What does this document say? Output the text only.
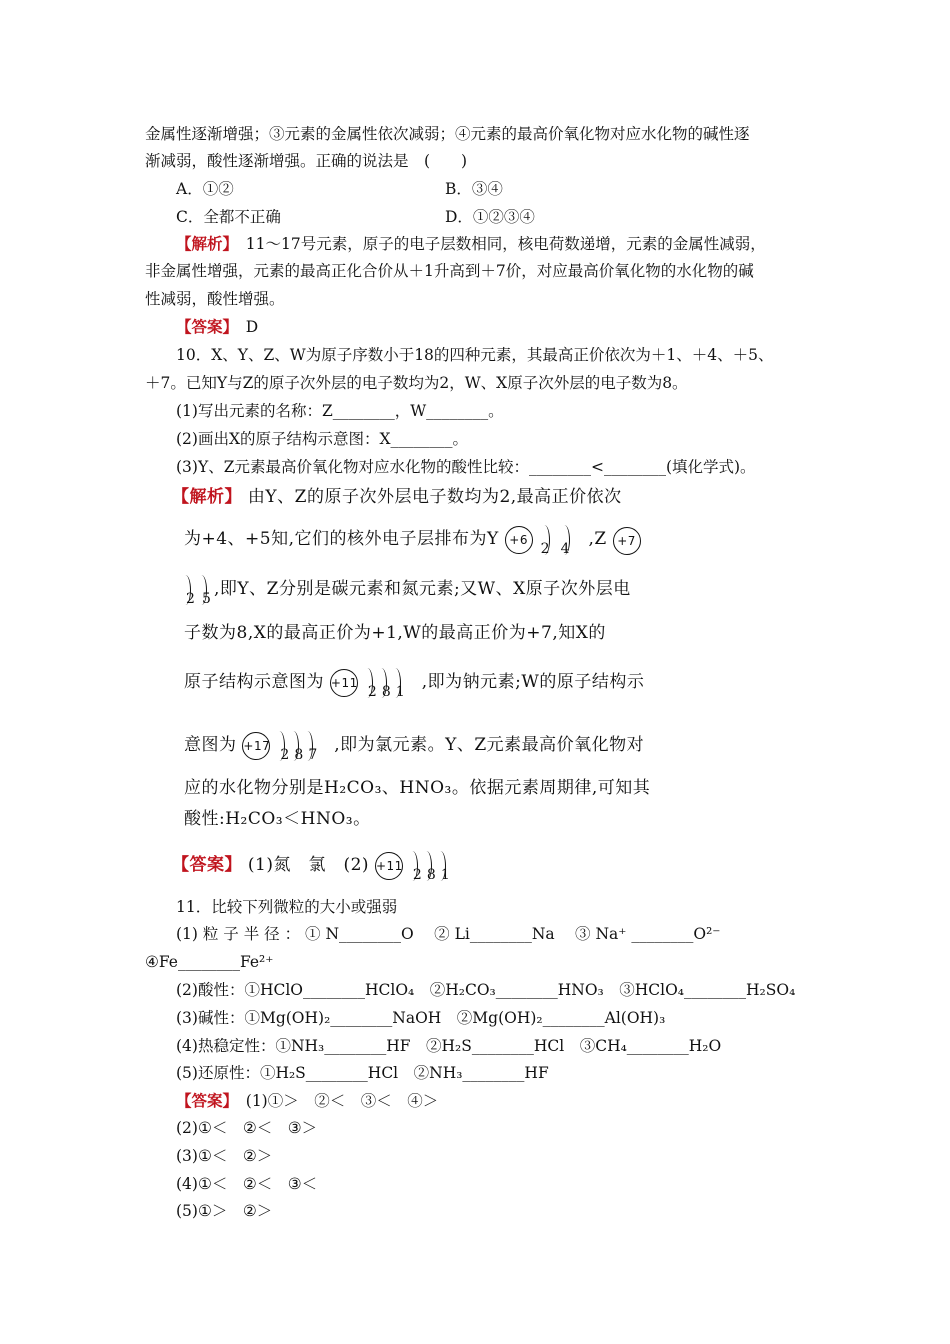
金属性逐渐增强；③元素的金属性依次减弱；④元素的最高价氧化物对应水化物的碱性逐
渐减弱，酸性逐渐增强。正确的说法是　(　　)
A．①②	B．③④
C．全都不正确	D．①②③④
【解析】　11～17号元素，原子的电子层数相同，核电荷数递增，元素的金属性减弱，
非金属性增强，元素的最高正化合价从＋1升高到＋7价，对应最高价氧化物的水化物的碱
性减弱，酸性增强。
【答案】　D
10．X、Y、Z、W为原子序数小于18的四种元素，其最高正价依次为＋1、＋4、＋5、
＋7。已知Y与Z的原子次外层的电子数均为2，W、X原子次外层的电子数为8。
(1)写出元素的名称：Z________，W________。
(2)画出X的原子结构示意图：X________。
(3)Y、Z元素最高价氧化物对应水化物的酸性比较：________<________(填化学式)。
【解析】 由Y、Z的原子次外层电子数均为2,最高正价依次
为+4、+5知,它们的核外电子层排布为Y +6
2 4 ,Z +7
2 5 ,即Y、Z分别是碳元素和氮元素;又W、X原子次外层电
子数为8,X的最高正价为+1,W的最高正价为+7,知X的
原子结构示意图为 +11
2 8 1 ,即为钠元素;W的原子结构示
意图为 +17
2 8 7 ,即为氯元素。Y、Z元素最高价氧化物对
应的水化物分别是H₂CO₃、HNO₃。依据元素周期律,可知其
酸性:H₂CO₃＜HNO₃。
【答案】 (1)氮　氯　(2) +11
2 8 1
11．比较下列微粒的大小或强弱
(1) 粒 子 半 径 ： ① N________O　 ② Li________Na　 ③ Na⁺ ________O²⁻
④Fe________Fe²⁺
(2)酸性：①HClO________HClO₄　②H₂CO₃________HNO₃　③HClO₄________H₂SO₄
(3)碱性：①Mg(OH)₂________NaOH　②Mg(OH)₂________Al(OH)₃
(4)热稳定性：①NH₃________HF　②H₂S________HCl　③CH₄________H₂O
(5)还原性：①H₂S________HCl　②NH₃________HF
【答案】　(1)①＞　②＜　③＜　④＞
(2)①＜　②＜　③＞
(3)①＜　②＞
(4)①＜　②＜　③＜
(5)①＞　②＞
